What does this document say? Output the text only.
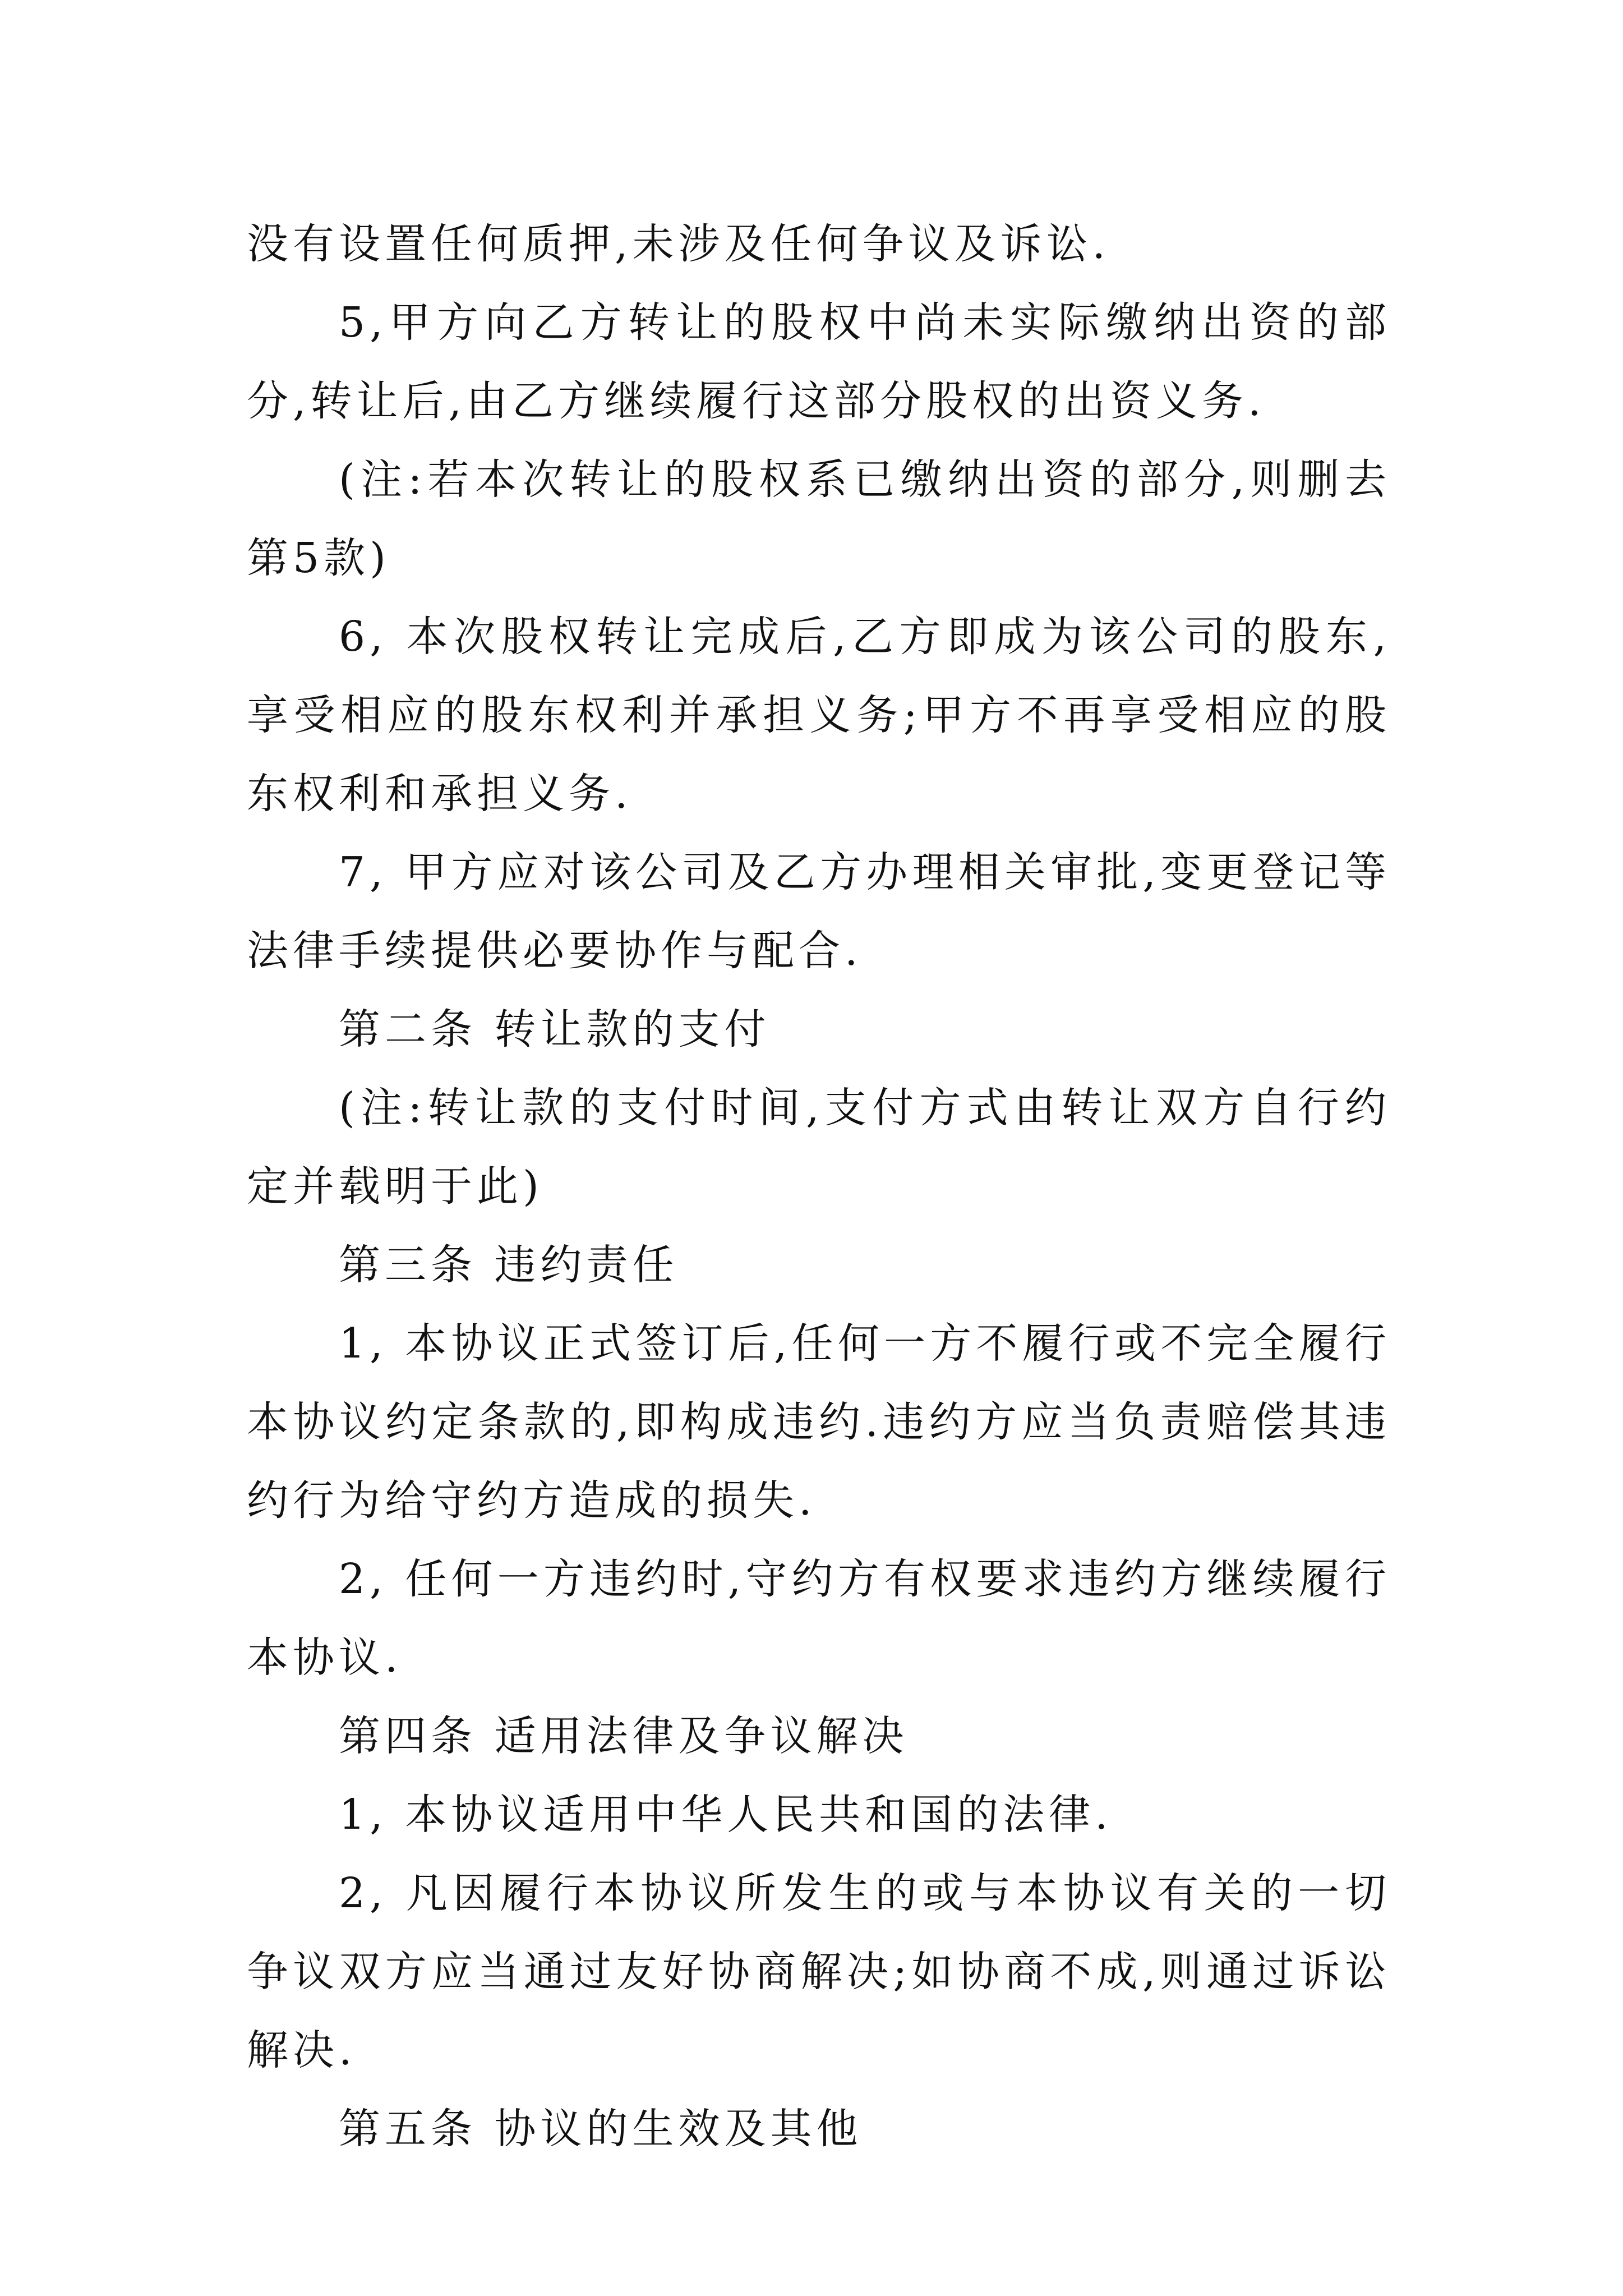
没有设置任何质押,未涉及任何争议及诉讼.

5,甲方向乙方转让的股权中尚未实际缴纳出资的部分,转让后,由乙方继续履行这部分股权的出资义务.

(注:若本次转让的股权系已缴纳出资的部分,则删去第5款)

6, 本次股权转让完成后,乙方即成为该公司的股东,享受相应的股东权利并承担义务;甲方不再享受相应的股东权利和承担义务.

7, 甲方应对该公司及乙方办理相关审批,变更登记等法律手续提供必要协作与配合.

第二条 转让款的支付

(注:转让款的支付时间,支付方式由转让双方自行约定并载明于此)

第三条 违约责任

1, 本协议正式签订后,任何一方不履行或不完全履行本协议约定条款的,即构成违约.违约方应当负责赔偿其违约行为给守约方造成的损失.

2, 任何一方违约时,守约方有权要求违约方继续履行本协议.

第四条 适用法律及争议解决

1, 本协议适用中华人民共和国的法律.

2, 凡因履行本协议所发生的或与本协议有关的一切争议双方应当通过友好协商解决;如协商不成,则通过诉讼解决.

第五条 协议的生效及其他
